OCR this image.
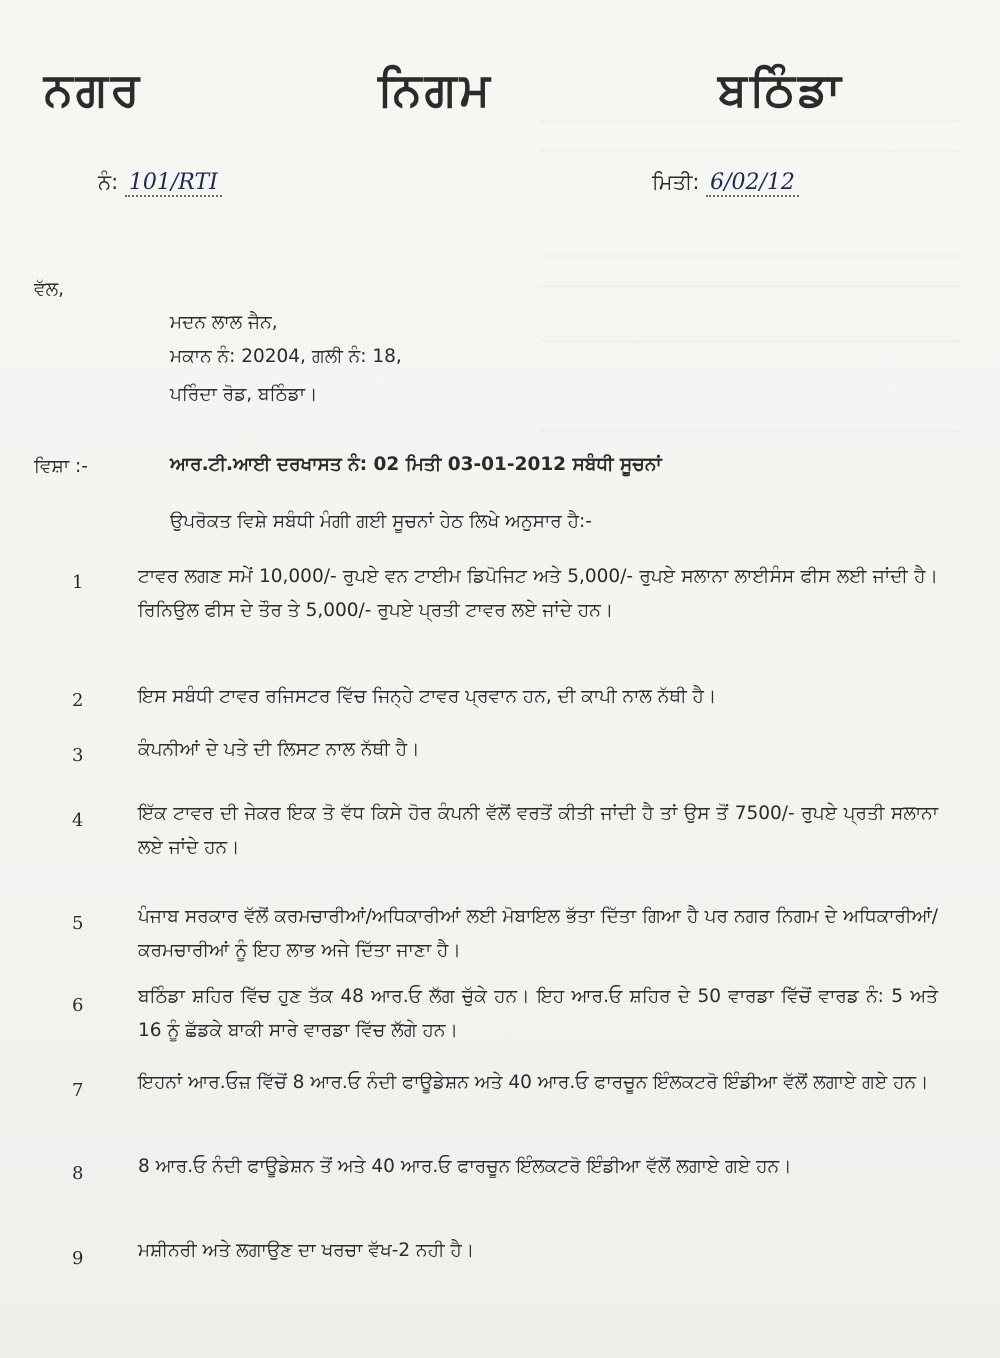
ਨਗਰ	ਨਿਗਮ	ਬਠਿੰਡਾ
ਨੰ: 101/RTI	ਮਿਤੀ: 6/02/12
ਵੱਲ,
ਮਦਨ ਲਾਲ ਜੈਨ,
ਮਕਾਨ ਨੰ: 20204, ਗਲੀ ਨੰ: 18,
ਪਰਿੰਦਾ ਰੋਡ, ਬਠਿੰਡਾ।
ਵਿਸ਼ਾ :-	ਆਰ.ਟੀ.ਆਈ ਦਰਖਾਸਤ ਨੰ: 02 ਮਿਤੀ 03-01-2012 ਸਬੰਧੀ ਸੂਚਨਾਂ
ਉਪਰੋਕਤ ਵਿਸ਼ੇ ਸਬੰਧੀ ਮੰਗੀ ਗਈ ਸੂਚਨਾਂ ਹੇਠ ਲਿਖੇ ਅਨੁਸਾਰ ਹੈ:-
1	ਟਾਵਰ ਲਗਣ ਸਮੇਂ 10,000/- ਰੁਪਏ ਵਨ ਟਾਈਮ ਡਿਪੋਜਿਟ ਅਤੇ 5,000/- ਰੁਪਏ ਸਲਾਨਾ ਲਾਈਸੰਸ ਫੀਸ ਲਈ ਜਾਂਦੀ ਹੈ। ਰਿਨਿਉਲ ਫੀਸ ਦੇ ਤੌਰ ਤੇ 5,000/- ਰੁਪਏ ਪ੍ਰਤੀ ਟਾਵਰ ਲਏ ਜਾਂਦੇ ਹਨ।
2	ਇਸ ਸਬੰਧੀ ਟਾਵਰ ਰਜਿਸਟਰ ਵਿੱਚ ਜਿਨ੍ਹੇ ਟਾਵਰ ਪ੍ਰਵਾਨ ਹਨ, ਦੀ ਕਾਪੀ ਨਾਲ ਨੱਥੀ ਹੈ।
3	ਕੰਪਨੀਆਂ ਦੇ ਪਤੇ ਦੀ ਲਿਸਟ ਨਾਲ ਨੱਥੀ ਹੈ।
4	ਇੱਕ ਟਾਵਰ ਦੀ ਜੇਕਰ ਇਕ ਤੋ ਵੱਧ ਕਿਸੇ ਹੋਰ ਕੰਪਨੀ ਵੱਲੋਂ ਵਰਤੋਂ ਕੀਤੀ ਜਾਂਦੀ ਹੈ ਤਾਂ ਉਸ ਤੋਂ 7500/- ਰੁਪਏ ਪ੍ਰਤੀ ਸਲਾਨਾ ਲਏ ਜਾਂਦੇ ਹਨ।
5	ਪੰਜਾਬ ਸਰਕਾਰ ਵੱਲੋਂ ਕਰਮਚਾਰੀਆਂ/ਅਧਿਕਾਰੀਆਂ ਲਈ ਮੋਬਾਇਲ ਭੱਤਾ ਦਿੱਤਾ ਗਿਆ ਹੈ ਪਰ ਨਗਰ ਨਿਗਮ ਦੇ ਅਧਿਕਾਰੀਆਂ/ਕਰਮਚਾਰੀਆਂ ਨੂੰ ਇਹ ਲਾਭ ਅਜੇ ਦਿੱਤਾ ਜਾਣਾ ਹੈ।
6	ਬਠਿੰਡਾ ਸ਼ਹਿਰ ਵਿੱਚ ਹੁਣ ਤੱਕ 48 ਆਰ.ਓ ਲੱਗ ਚੁੱਕੇ ਹਨ। ਇਹ ਆਰ.ਓ ਸ਼ਹਿਰ ਦੇ 50 ਵਾਰਡਾ ਵਿੱਚੋਂ ਵਾਰਡ ਨੰ: 5 ਅਤੇ 16 ਨੂੰ ਛੱਡਕੇ ਬਾਕੀ ਸਾਰੇ ਵਾਰਡਾ ਵਿੱਚ ਲੱਗੇ ਹਨ।
7	ਇਹਨਾਂ ਆਰ.ਓਜ਼ ਵਿੱਚੋਂ 8 ਆਰ.ਓ ਨੰਦੀ ਫਾਊਡੇਸ਼ਨ ਅਤੇ 40 ਆਰ.ਓ ਫਾਰਚੂਨ ਇੰਲਕਟਰੋ ਇੰਡੀਆ ਵੱਲੋਂ ਲਗਾਏ ਗਏ ਹਨ।
8	8 ਆਰ.ਓ ਨੰਦੀ ਫਾਊਡੇਸ਼ਨ ਤੋਂ ਅਤੇ 40 ਆਰ.ਓ ਫਾਰਚੂਨ ਇੰਲਕਟਰੋ ਇੰਡੀਆ ਵੱਲੋਂ ਲਗਾਏ ਗਏ ਹਨ।
9	ਮਸ਼ੀਨਰੀ ਅਤੇ ਲਗਾਉਣ ਦਾ ਖਰਚਾ ਵੱਖ-2 ਨਹੀ ਹੈ।
